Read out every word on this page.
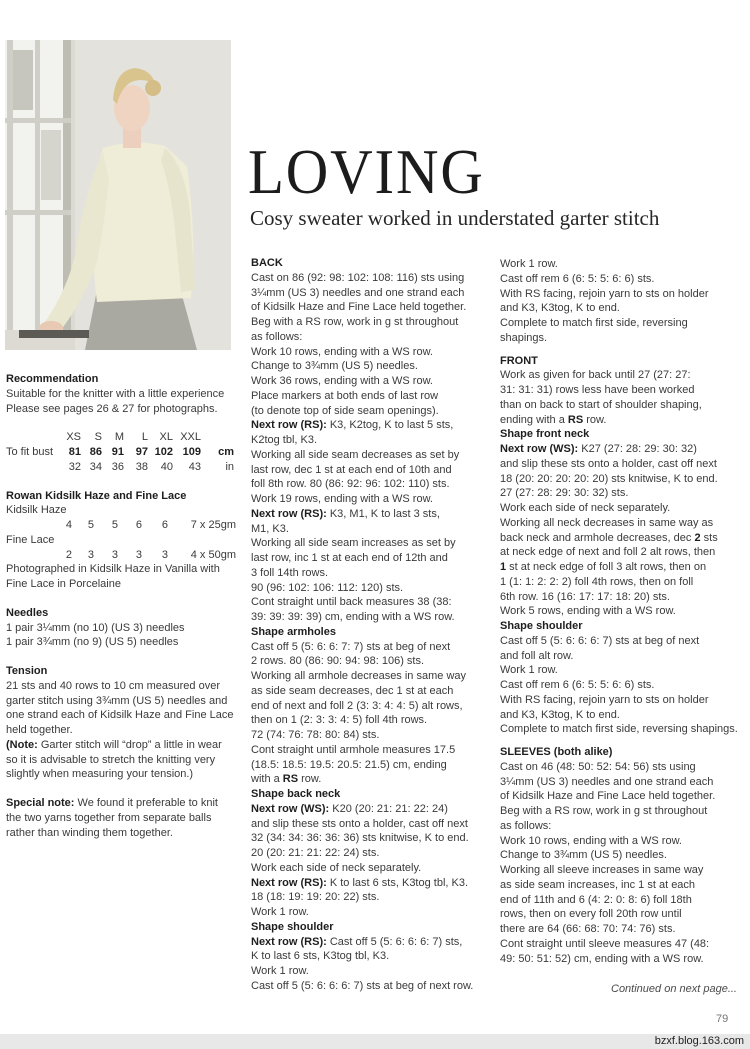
LOVING
Cosy sweater worked in understated garter stitch
Recommendation
Suitable for the knitter with a little experience
Please see pages 26 & 27 for photographs.
	XS	S	M	L	XL	XXL	
To fit bust	81	86	91	97	102	109	cm
	32	34	36	38	40	43	in
Rowan Kidsilk Haze and Fine Lace
Kidsilk Haze
4	5	5	6	6	7 x 25gm
Fine Lace
2	3	3	3	3	4 x 50gm
Photographed in Kidsilk Haze in Vanilla with
Fine Lace in Porcelaine
Needles
1 pair 3¼mm (no 10) (US 3) needles
1 pair 3¾mm (no 9) (US 5) needles
Tension
21 sts and 40 rows to 10 cm measured over
garter stitch using 3¾mm (US 5) needles and
one strand each of Kidsilk Haze and Fine Lace
held together.
(Note: Garter stitch will “drop” a little in wear
so it is advisable to stretch the knitting very
slightly when measuring your tension.)
Special note: We found it preferable to knit
the two yarns together from separate balls
rather than winding them together.
BACK
Cast on 86 (92: 98: 102: 108: 116) sts using
3¼mm (US 3) needles and one strand each
of Kidsilk Haze and Fine Lace held together.
Beg with a RS row, work in g st throughout
as follows:
Work 10 rows, ending with a WS row.
Change to 3¾mm (US 5) needles.
Work 36 rows, ending with a WS row.
Place markers at both ends of last row
(to denote top of side seam openings).
Next row (RS): K3, K2tog, K to last 5 sts,
K2tog tbl, K3.
Working all side seam decreases as set by
last row, dec 1 st at each end of 10th and
foll 8th row. 80 (86: 92: 96: 102: 110) sts.
Work 19 rows, ending with a WS row.
Next row (RS): K3, M1, K to last 3 sts,
M1, K3.
Working all side seam increases as set by
last row, inc 1 st at each end of 12th and
3 foll 14th rows.
90 (96: 102: 106: 112: 120) sts.
Cont straight until back measures 38 (38:
39: 39: 39: 39) cm, ending with a WS row.
Shape armholes
Cast off 5 (5: 6: 6: 7: 7) sts at beg of next
2 rows. 80 (86: 90: 94: 98: 106) sts.
Working all armhole decreases in same way
as side seam decreases, dec 1 st at each
end of next and foll 2 (3: 3: 4: 4: 5) alt rows,
then on 1 (2: 3: 3: 4: 5) foll 4th rows.
72 (74: 76: 78: 80: 84) sts.
Cont straight until armhole measures 17.5
(18.5: 18.5: 19.5: 20.5: 21.5) cm, ending
with a RS row.
Shape back neck
Next row (WS): K20 (20: 21: 21: 22: 24)
and slip these sts onto a holder, cast off next
32 (34: 34: 36: 36: 36) sts knitwise, K to end.
20 (20: 21: 21: 22: 24) sts.
Work each side of neck separately.
Next row (RS): K to last 6 sts, K3tog tbl, K3.
18 (18: 19: 19: 20: 22) sts.
Work 1 row.
Shape shoulder
Next row (RS): Cast off 5 (5: 6: 6: 6: 7) sts,
K to last 6 sts, K3tog tbl, K3.
Work 1 row.
Cast off 5 (5: 6: 6: 6: 7) sts at beg of next row.
Work 1 row.
Cast off rem 6 (6: 5: 5: 6: 6) sts.
With RS facing, rejoin yarn to sts on holder
and K3, K3tog, K to end.
Complete to match first side, reversing
shapings.
FRONT
Work as given for back until 27 (27: 27:
31: 31: 31) rows less have been worked
than on back to start of shoulder shaping,
ending with a RS row.
Shape front neck
Next row (WS): K27 (27: 28: 29: 30: 32)
and slip these sts onto a holder, cast off next
18 (20: 20: 20: 20: 20) sts knitwise, K to end.
27 (27: 28: 29: 30: 32) sts.
Work each side of neck separately.
Working all neck decreases in same way as
back neck and armhole decreases, dec 2 sts
at neck edge of next and foll 2 alt rows, then
1 st at neck edge of foll 3 alt rows, then on
1 (1: 1: 2: 2: 2) foll 4th rows, then on foll
6th row. 16 (16: 17: 17: 18: 20) sts.
Work 5 rows, ending with a WS row.
Shape shoulder
Cast off 5 (5: 6: 6: 6: 7) sts at beg of next
and foll alt row.
Work 1 row.
Cast off rem 6 (6: 5: 5: 6: 6) sts.
With RS facing, rejoin yarn to sts on holder
and K3, K3tog, K to end.
Complete to match first side, reversing shapings.
SLEEVES (both alike)
Cast on 46 (48: 50: 52: 54: 56) sts using
3¼mm (US 3) needles and one strand each
of Kidsilk Haze and Fine Lace held together.
Beg with a RS row, work in g st throughout
as follows:
Work 10 rows, ending with a WS row.
Change to 3¾mm (US 5) needles.
Working all sleeve increases in same way
as side seam increases, inc 1 st at each
end of 11th and 6 (4: 2: 0: 8: 6) foll 18th
rows, then on every foll 20th row until
there are 64 (66: 68: 70: 74: 76) sts.
Cont straight until sleeve measures 47 (48:
49: 50: 51: 52) cm, ending with a WS row.
Continued on next page...
79
bzxf.blog.163.com
